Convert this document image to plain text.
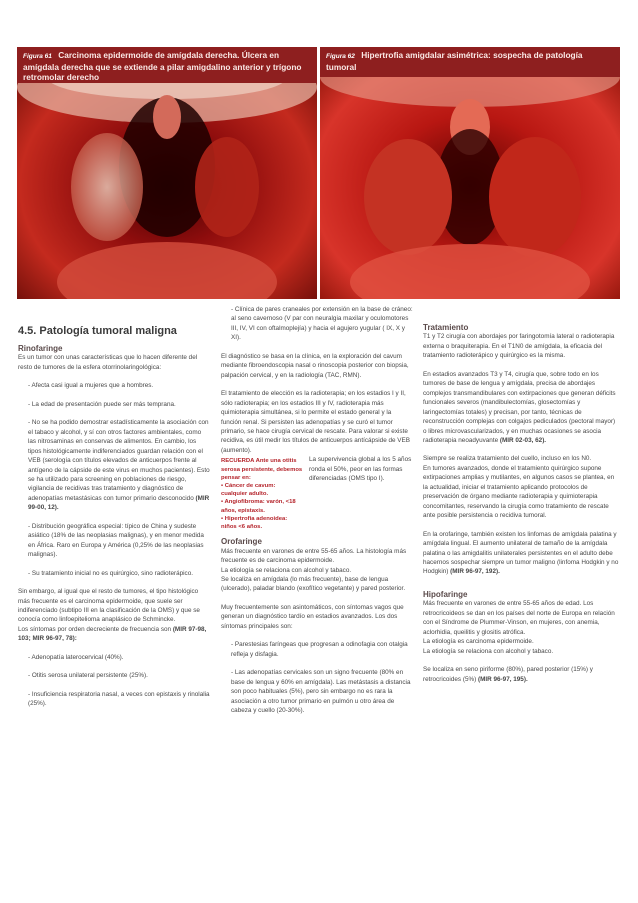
Figura 61 Carcinoma epidermoide de amígdala derecha. Úlcera en amígdala derecha que se extiende a pilar amigdalino anterior y trígono retromolar derecho
Figura 62 Hipertrofia amigdalar asimétrica: sospecha de patología tumoral

4.5. Patología tumoral maligna

Rinofaringe

Es un tumor con unas características que lo hacen diferente del resto de tumores de la esfera otorrinolaringológica:

- Afecta casi igual a mujeres que a hombres.

- La edad de presentación puede ser más temprana.

- No se ha podido demostrar estadísticamente la asociación con el tabaco y alcohol, y sí con otros factores ambientales, como las nitrosaminas en conservas de alimentos. En cambio, los tipos histológicamente indiferenciados guardan relación con el VEB (serología con títulos elevados de anticuerpos frente al antígeno de la cápside de este virus en muchos pacientes). Esto se ha utilizado para screening en poblaciones de riesgo, vigilancia de recidivas tras tratamiento y diagnóstico de adenopatías metastásicas con tumor primario desconocido (MIR 99-00, 12).

- Distribución geográfica especial: típico de China y sudeste asiático (18% de las neoplasias malignas), y en menor medida en África. Raro en Europa y América (0,25% de las neoplasias malignas).

- Su tratamiento inicial no es quirúrgico, sino radioterápico.

Sin embargo, al igual que el resto de tumores, el tipo histológico más frecuente es el carcinoma epidermoide, que suele ser indiferenciado (subtipo III en la clasificación de la OMS) y que se conocía como linfoepitelioma anaplásico de Schmincke.

Los síntomas por orden decreciente de frecuencia son (MIR 97-98, 103; MIR 96-97, 78):

- Adenopatía laterocervical (40%).

- Otitis serosa unilateral persistente (25%).

- Insuficiencia respiratoria nasal, a veces con epistaxis y rinolalia (25%).

- Clínica de pares craneales por extensión en la base de cráneo: al seno cavernoso (V par con neuralgia maxilar y oculomotores III, IV, VI con oftalmoplejía) y hacia el agujero yugular ( IX, X y XI).

El diagnóstico se basa en la clínica, en la exploración del cavum mediante fibroendoscopia nasal o rinoscopia posterior con biopsia, palpación cervical, y en la radiología (TAC, RMN).

El tratamiento de elección es la radioterapia; en los estadios I y II, sólo radioterapia; en los estadios III y IV, radioterapia más quimioterapia simultánea, si lo permite el estado general y la función renal. Si persisten las adenopatías y se curó el tumor primario, se hace cirugía cervical de rescate. Para valorar si existe recidiva, es útil medir los títulos de anticuerpos antícápside de VEB (aumento).

RECUERDA Ante una otitis serosa persistente, debemos pensar en:
• Cáncer de cavum: cualquier adulto.
• Angiofibroma: varón, <18 años, epistaxis.
• Hipertrofia adenoidea: niños <6 años.

La supervivencia global a los 5 años ronda el 50%, peor en las formas diferenciadas (OMS tipo I).

Orofaringe

Más frecuente en varones de entre 55-65 años. La histología más frecuente es de carcinoma epidermoide.

La etiología se relaciona con alcohol y tabaco.

Se localiza en amígdala (lo más frecuente), base de lengua (ulcerado), paladar blando (exofítico vegetante) y pared posterior.

Muy frecuentemente son asintomáticos, con síntomas vagos que generan un diagnóstico tardío en estadios avanzados. Los dos síntomas principales son:

- Parestesias faríngeas que progresan a odinofagia con otalgia refleja y disfagia.

- Las adenopatías cervicales son un signo frecuente (80% en base de lengua y 60% en amígdala). Las metástasis a distancia son poco habituales (5%), pero sin embargo no es rara la asociación a otro tumor primario en pulmón u otro área de cabeza y cuello (20-30%).

Tratamiento

T1 y T2 cirugía con abordajes por faringotomía lateral o radioterapia externa o braquiterapia. En el T1N0 de amígdala, la eficacia del tratamiento radioterápico y quirúrgico es la misma.

En estadios avanzados T3 y T4, cirugía que, sobre todo en los tumores de base de lengua y amígdala, precisa de abordajes complejos transmandibulares con extirpaciones que generan déficits funcionales severos (mandibulectomías, glosectomías y laringectomías totales) y precisan, por tanto, técnicas de reconstrucción complejas con colgajos pediculados (pectoral mayor) o libres microvascularizados, y en muchas ocasiones se asocia radioterapia neoadyuvante (MIR 02-03, 62).

Siempre se realiza tratamiento del cuello, incluso en los N0.

En tumores avanzados, donde el tratamiento quirúrgico supone extirpaciones amplias y mutilantes, en algunos casos se plantea, en la actualidad, iniciar el tratamiento aplicando protocolos de preservación de órgano mediante radioterapia y quimioterapia concomitantes, reservando la cirugía como tratamiento de rescate ante posible persistencia o recidiva tumoral.

En la orofaringe, también existen los linfomas de amígdala palatina y amígdala lingual. El aumento unilateral de tamaño de la amígdala palatina o las amigdalitis unilaterales persistentes en el adulto debe hacernos sospechar siempre un tumor maligno (linfoma Hodgkin y no Hodgkin) (MIR 96-97, 192).

Hipofaringe

Más frecuente en varones de entre 55-65 años de edad. Los retrocricoideos se dan en los países del norte de Europa en relación con el Síndrome de Plummer-Vinson, en mujeres, con anemia, aclorhidia, queilitis y glositis atrófica.

La etiología es carcinoma epidermoide.

La etiología se relaciona con alcohol y tabaco.

Se localiza en seno piriforme (80%), pared posterior (15%) y retrocricoides (5%) (MIR 96-97, 195).
